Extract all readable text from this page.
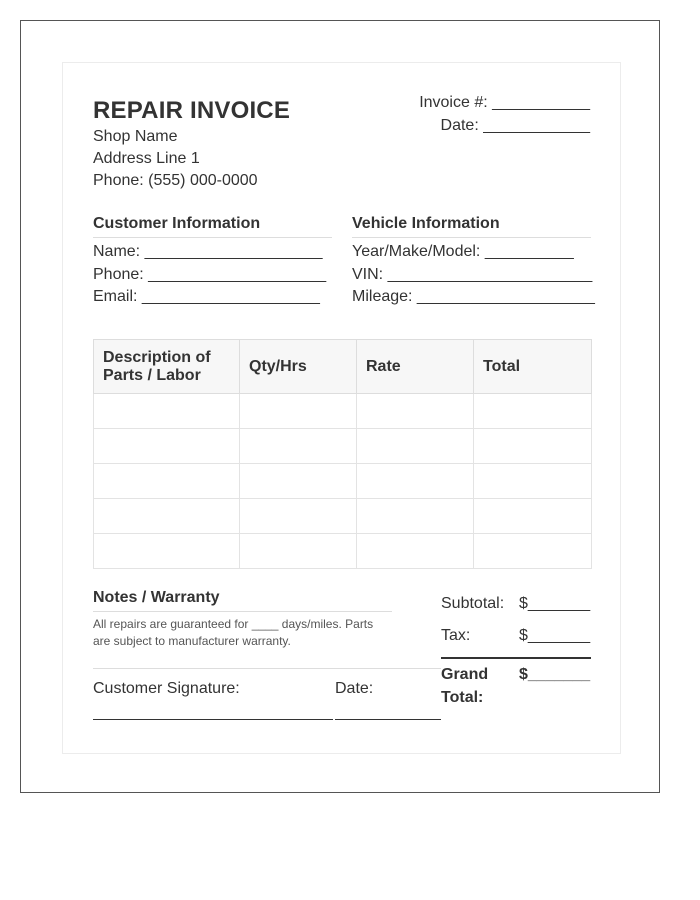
REPAIR INVOICE
Shop Name
Address Line 1
Phone: (555) 000-0000
Invoice #: ___________
Date: ____________
Customer Information
Name: ____________________
Phone: ____________________
Email: ____________________
Vehicle Information
Year/Make/Model: __________
VIN: _______________________
Mileage: ____________________
Description of Parts / Labor	Qty/Hrs	Rate	Total

Notes / Warranty
All repairs are guaranteed for ____ days/miles. Parts are subject to manufacturer warranty.
Subtotal: $_______
Tax:	$_______
Grand
Total:
$_______
Customer Signature:	Date:
